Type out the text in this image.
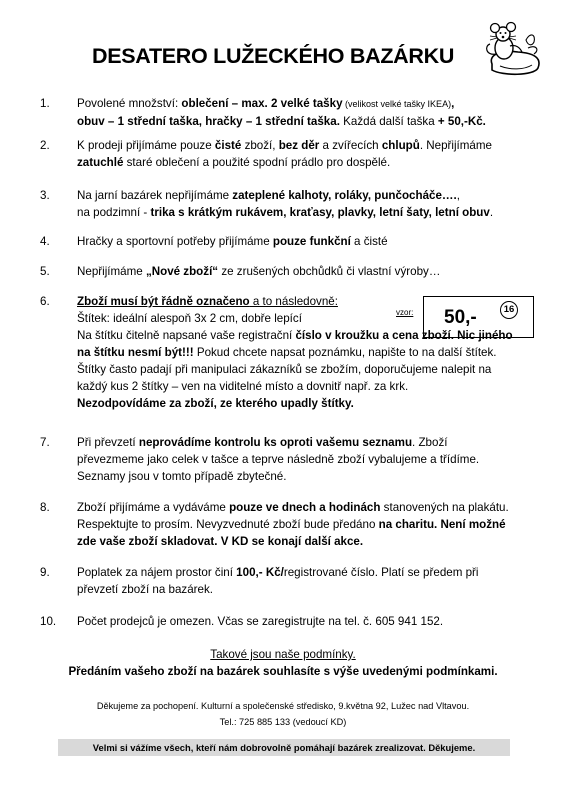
DESATERO LUŽECKÉHO BAZÁRKU
1.	Povolené množství: oblečení – max. 2 velké tašky (velikost velké tašky IKEA),
obuv – 1 střední taška, hračky – 1 střední taška. Každá další taška + 50,-Kč.
2.	K prodeji přijímáme pouze čisté zboží, bez děr a zvířecích chlupů. Nepřijímáme
zatuchlé staré oblečení a použité spodní prádlo pro dospělé.
3.	Na jarní bazárek nepřijímáme zateplené kalhoty, roláky, punčocháče….,
na podzimní - trika s krátkým rukávem, kraťasy, plavky, letní šaty, letní obuv.
4.	Hračky a sportovní potřeby přijímáme pouze funkční a čisté
5.	Nepřijímáme „Nové zboží“ ze zrušených obchůdků či vlastní výroby…
6.	Zboží musí být řádně označeno a to následovně:
Štítek: ideální alespoň 3x 2 cm, dobře lepící
Na štítku čitelně napsané vaše registrační číslo v kroužku a cena zboží. Nic jiného
na štítku nesmí být!!! Pokud chcete napsat poznámku, napište to na další štítek.
Štítky často padají při manipulaci zákazníků se zbožím, doporučujeme nalepit na
každý kus 2 štítky – ven na viditelné místo a dovnitř např. za krk.
Nezodpovídáme za zboží, ze kterého upadly štítky.
7.	Při převzetí neprovádíme kontrolu ks oproti vašemu seznamu. Zboží
převezmeme jako celek v tašce a teprve následně zboží vybalujeme a třídíme.
Seznamy jsou v tomto případě zbytečné.
8.	Zboží přijímáme a vydáváme pouze ve dnech a hodinách stanovených na plakátu.
Respektujte to prosím. Nevyzvednuté zboží bude předáno na charitu. Není možné
zde vaše zboží skladovat. V KD se konají další akce.
9.	Poplatek za nájem prostor činí 100,- Kč/registrované číslo. Platí se předem při
převzetí zboží na bazárek.
10.	Počet prodejců je omezen. Včas se zaregistrujte na tel. č. 605 941 152.
vzor: 50,-	16
Takové jsou naše podmínky.
Předáním vašeho zboží na bazárek souhlasíte s výše uvedenými podmínkami.
Děkujeme za pochopení. Kulturní a společenské středisko, 9.května 92, Lužec nad Vltavou.
Tel.: 725 885 133 (vedoucí KD)
Velmi si vážíme všech, kteří nám dobrovolně pomáhají bazárek zrealizovat. Děkujeme.
